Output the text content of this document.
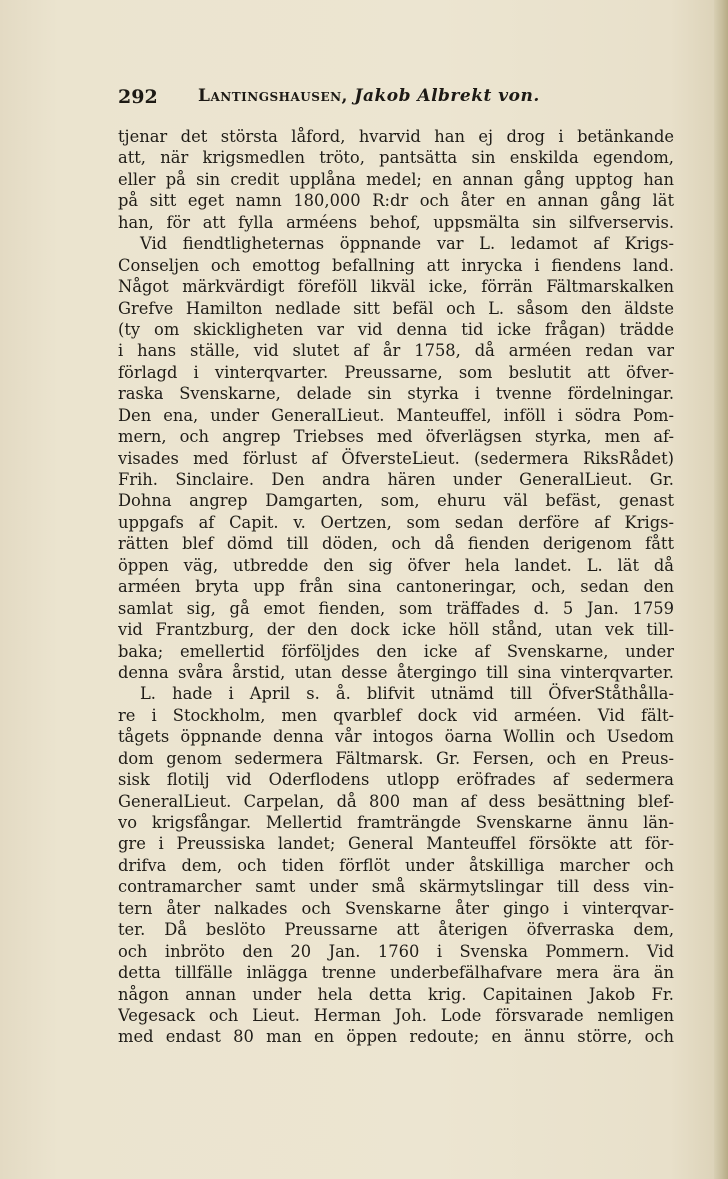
292 Lantingshausen, Jakob Albrekt von.
tjenar det största låford, hvarvid han ej drog i betänkande
att, när krigsmedlen tröto, pantsätta sin enskilda egendom,
eller på sin credit upplåna medel; en annan gång upptog han
på sitt eget namn 180,000 R:dr och åter en annan gång lät
han, för att fylla arméens behof, uppsmälta sin silfverservis.
Vid fiendtligheternas öppnande var L. ledamot af Krigs-
Conseljen och emottog befallning att inrycka i fiendens land.
Något märkvärdigt föreföll likväl icke, förrän Fältmarskalken
Grefve Hamilton nedlade sitt befäl och L. såsom den äldste
(ty om skickligheten var vid denna tid icke frågan) trädde
i hans ställe, vid slutet af år 1758, då arméen redan var
förlagd i vinterqvarter. Preussarne, som beslutit att öfver-
raska Svenskarne, delade sin styrka i tvenne fördelningar.
Den ena, under GeneralLieut. Manteuffel, inföll i södra Pom-
mern, och angrep Triebses med öfverlägsen styrka, men af-
visades med förlust af ÖfversteLieut. (sedermera RiksRådet)
Frih. Sinclaire. Den andra hären under GeneralLieut. Gr.
Dohna angrep Damgarten, som, ehuru väl befäst, genast
uppgafs af Capit. v. Oertzen, som sedan derföre af Krigs-
rätten blef dömd till döden, och då fienden derigenom fått
öppen väg, utbredde den sig öfver hela landet. L. lät då
arméen bryta upp från sina cantoneringar, och, sedan den
samlat sig, gå emot fienden, som träffades d. 5 Jan. 1759
vid Frantzburg, der den dock icke höll stånd, utan vek till-
baka; emellertid förföljdes den icke af Svenskarne, under
denna svåra årstid, utan desse återgingo till sina vinterqvarter.
L. hade i April s. å. blifvit utnämd till ÖfverStåthålla-
re i Stockholm, men qvarblef dock vid arméen. Vid fält-
tågets öppnande denna vår intogos öarna Wollin och Usedom
dom genom sedermera Fältmarsk. Gr. Fersen, och en Preus-
sisk flotilj vid Oderflodens utlopp eröfrades af sedermera
GeneralLieut. Carpelan, då 800 man af dess besättning blef-
vo krigsfångar. Mellertid framträngde Svenskarne ännu län-
gre i Preussiska landet; General Manteuffel försökte att för-
drifva dem, och tiden förflöt under åtskilliga marcher och
contramarcher samt under små skärmytslingar till dess vin-
tern åter nalkades och Svenskarne åter gingo i vinterqvar-
ter. Då beslöto Preussarne att återigen öfverraska dem,
och inbröto den 20 Jan. 1760 i Svenska Pommern. Vid
detta tillfälle inlägga trenne underbefälhafvare mera ära än
någon annan under hela detta krig. Capitainen Jakob Fr.
Vegesack och Lieut. Herman Joh. Lode försvarade nemligen
med endast 80 man en öppen redoute; en ännu större, och
